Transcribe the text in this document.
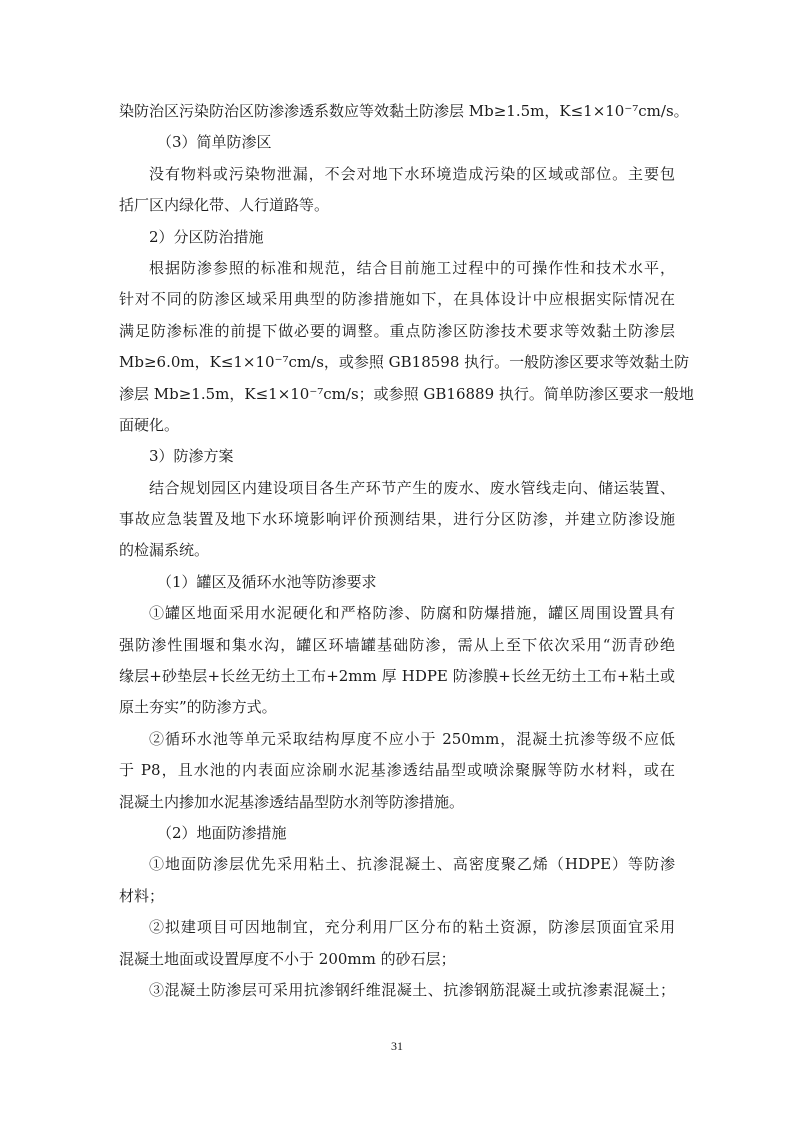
染防治区污染防治区防渗渗透系数应等效黏土防渗层 Mb≥1.5m，K≤1×10⁻⁷cm/s。
（3）简单防渗区
没有物料或污染物泄漏，不会对地下水环境造成污染的区域或部位。主要包
括厂区内绿化带、人行道路等。
2）分区防治措施
根据防渗参照的标准和规范，结合目前施工过程中的可操作性和技术水平，
针对不同的防渗区域采用典型的防渗措施如下，在具体设计中应根据实际情况在
满足防渗标准的前提下做必要的调整。重点防渗区防渗技术要求等效黏土防渗层
Mb≥6.0m，K≤1×10⁻⁷cm/s，或参照 GB18598 执行。一般防渗区要求等效黏土防
渗层 Mb≥1.5m，K≤1×10⁻⁷cm/s；或参照 GB16889 执行。简单防渗区要求一般地
面硬化。
3）防渗方案
结合规划园区内建设项目各生产环节产生的废水、废水管线走向、储运装置、
事故应急装置及地下水环境影响评价预测结果，进行分区防渗，并建立防渗设施
的检漏系统。
（1）罐区及循环水池等防渗要求
①罐区地面采用水泥硬化和严格防渗、防腐和防爆措施，罐区周围设置具有
强防渗性围堰和集水沟，罐区环墙罐基础防渗，需从上至下依次采用“沥青砂绝
缘层+砂垫层+长丝无纺土工布+2mm 厚 HDPE 防渗膜+长丝无纺土工布+粘土或
原土夯实”的防渗方式。
②循环水池等单元采取结构厚度不应小于 250mm，混凝土抗渗等级不应低
于 P8，且水池的内表面应涂刷水泥基渗透结晶型或喷涂聚脲等防水材料，或在
混凝土内掺加水泥基渗透结晶型防水剂等防渗措施。
（2）地面防渗措施
①地面防渗层优先采用粘土、抗渗混凝土、高密度聚乙烯（HDPE）等防渗
材料；
②拟建项目可因地制宜，充分利用厂区分布的粘土资源，防渗层顶面宜采用
混凝土地面或设置厚度不小于 200mm 的砂石层；
③混凝土防渗层可采用抗渗钢纤维混凝土、抗渗钢筋混凝土或抗渗素混凝土；
31
